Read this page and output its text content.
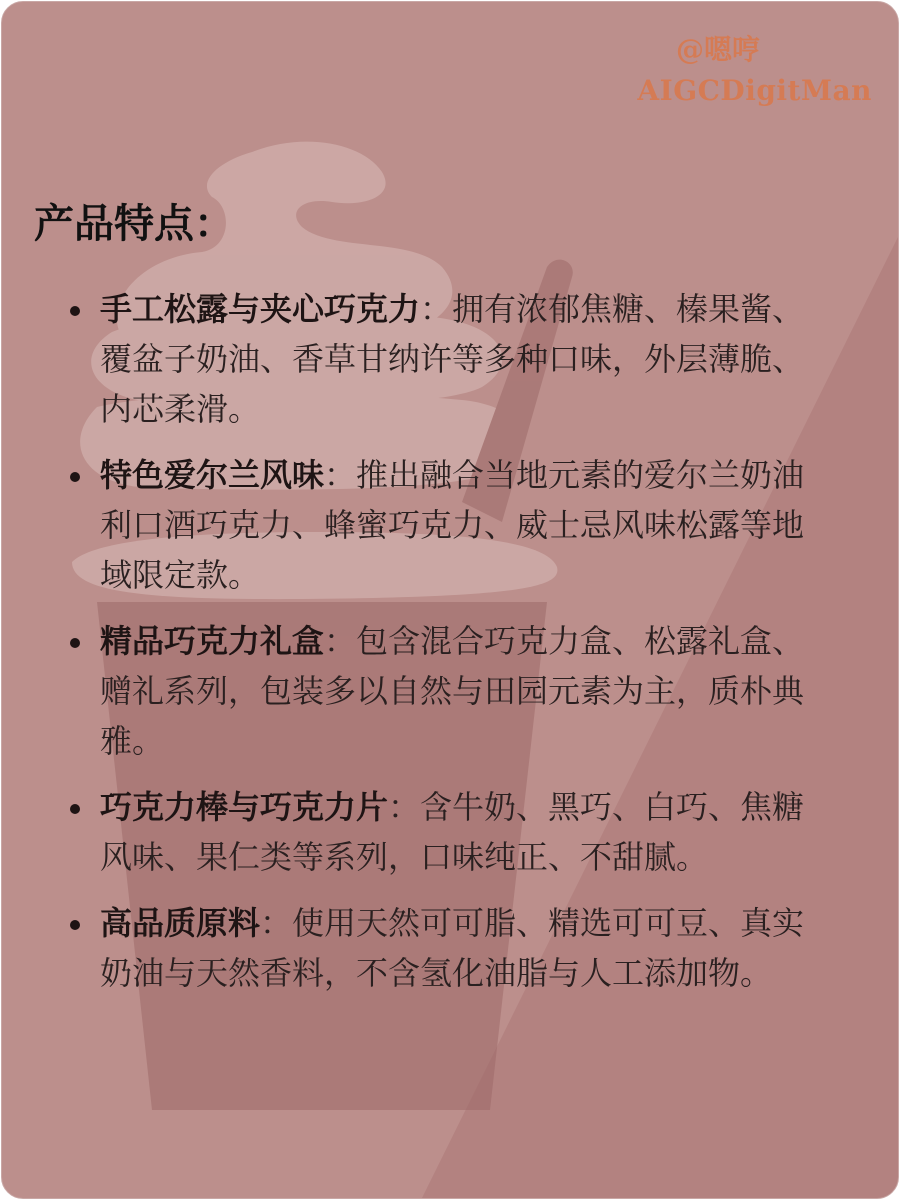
@嗯哼
AIGCDigitMan
产品特点：
手工松露与夹心巧克力：拥有浓郁焦糖、榛果酱、覆盆子奶油、香草甘纳许等多种口味，外层薄脆、内芯柔滑。
特色爱尔兰风味：推出融合当地元素的爱尔兰奶油利口酒巧克力、蜂蜜巧克力、威士忌风味松露等地域限定款。
精品巧克力礼盒：包含混合巧克力盒、松露礼盒、赠礼系列，包装多以自然与田园元素为主，质朴典雅。
巧克力棒与巧克力片：含牛奶、黑巧、白巧、焦糖风味、果仁类等系列，口味纯正、不甜腻。
高品质原料：使用天然可可脂、精选可可豆、真实奶油与天然香料，不含氢化油脂与人工添加物。
